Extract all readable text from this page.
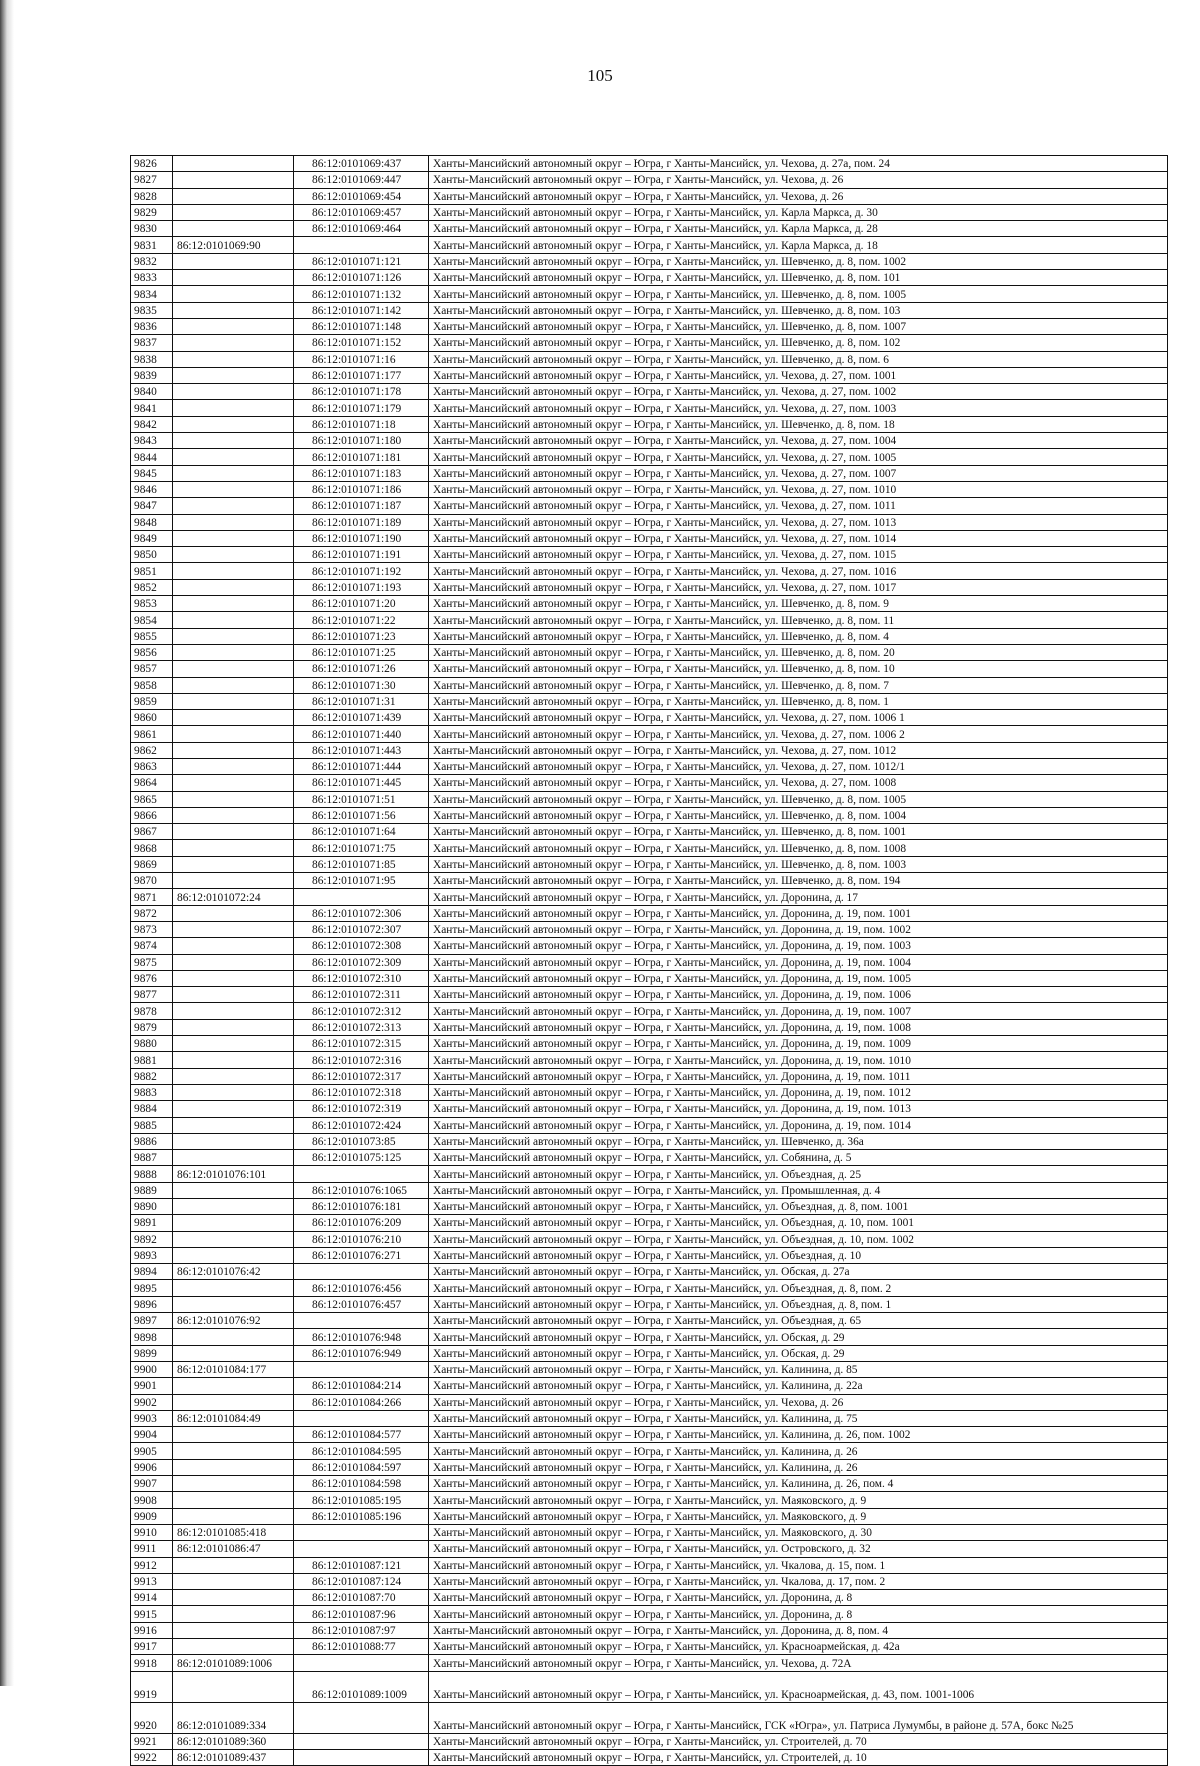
105
9826		86:12:0101069:437	Ханты-Мансийский автономный округ – Югра, г Ханты-Мансийск, ул. Чехова, д. 27а, пом. 24
9827		86:12:0101069:447	Ханты-Мансийский автономный округ – Югра, г Ханты-Мансийск, ул. Чехова, д. 26
9828		86:12:0101069:454	Ханты-Мансийский автономный округ – Югра, г Ханты-Мансийск, ул. Чехова, д. 26
9829		86:12:0101069:457	Ханты-Мансийский автономный округ – Югра, г Ханты-Мансийск, ул. Карла Маркса, д. 30
9830		86:12:0101069:464	Ханты-Мансийский автономный округ – Югра, г Ханты-Мансийск, ул. Карла Маркса, д. 28
9831	86:12:0101069:90		Ханты-Мансийский автономный округ – Югра, г Ханты-Мансийск, ул. Карла Маркса, д. 18
9832		86:12:0101071:121	Ханты-Мансийский автономный округ – Югра, г Ханты-Мансийск, ул. Шевченко, д. 8, пом. 1002
9833		86:12:0101071:126	Ханты-Мансийский автономный округ – Югра, г Ханты-Мансийск, ул. Шевченко, д. 8, пом. 101
9834		86:12:0101071:132	Ханты-Мансийский автономный округ – Югра, г Ханты-Мансийск, ул. Шевченко, д. 8, пом. 1005
9835		86:12:0101071:142	Ханты-Мансийский автономный округ – Югра, г Ханты-Мансийск, ул. Шевченко, д. 8, пом. 103
9836		86:12:0101071:148	Ханты-Мансийский автономный округ – Югра, г Ханты-Мансийск, ул. Шевченко, д. 8, пом. 1007
9837		86:12:0101071:152	Ханты-Мансийский автономный округ – Югра, г Ханты-Мансийск, ул. Шевченко, д. 8, пом. 102
9838		86:12:0101071:16	Ханты-Мансийский автономный округ – Югра, г Ханты-Мансийск, ул. Шевченко, д. 8, пом. 6
9839		86:12:0101071:177	Ханты-Мансийский автономный округ – Югра, г Ханты-Мансийск, ул. Чехова, д. 27, пом. 1001
9840		86:12:0101071:178	Ханты-Мансийский автономный округ – Югра, г Ханты-Мансийск, ул. Чехова, д. 27, пом. 1002
9841		86:12:0101071:179	Ханты-Мансийский автономный округ – Югра, г Ханты-Мансийск, ул. Чехова, д. 27, пом. 1003
9842		86:12:0101071:18	Ханты-Мансийский автономный округ – Югра, г Ханты-Мансийск, ул. Шевченко, д. 8, пом. 18
9843		86:12:0101071:180	Ханты-Мансийский автономный округ – Югра, г Ханты-Мансийск, ул. Чехова, д. 27, пом. 1004
9844		86:12:0101071:181	Ханты-Мансийский автономный округ – Югра, г Ханты-Мансийск, ул. Чехова, д. 27, пом. 1005
9845		86:12:0101071:183	Ханты-Мансийский автономный округ – Югра, г Ханты-Мансийск, ул. Чехова, д. 27, пом. 1007
9846		86:12:0101071:186	Ханты-Мансийский автономный округ – Югра, г Ханты-Мансийск, ул. Чехова, д. 27, пом. 1010
9847		86:12:0101071:187	Ханты-Мансийский автономный округ – Югра, г Ханты-Мансийск, ул. Чехова, д. 27, пом. 1011
9848		86:12:0101071:189	Ханты-Мансийский автономный округ – Югра, г Ханты-Мансийск, ул. Чехова, д. 27, пом. 1013
9849		86:12:0101071:190	Ханты-Мансийский автономный округ – Югра, г Ханты-Мансийск, ул. Чехова, д. 27, пом. 1014
9850		86:12:0101071:191	Ханты-Мансийский автономный округ – Югра, г Ханты-Мансийск, ул. Чехова, д. 27, пом. 1015
9851		86:12:0101071:192	Ханты-Мансийский автономный округ – Югра, г Ханты-Мансийск, ул. Чехова, д. 27, пом. 1016
9852		86:12:0101071:193	Ханты-Мансийский автономный округ – Югра, г Ханты-Мансийск, ул. Чехова, д. 27, пом. 1017
9853		86:12:0101071:20	Ханты-Мансийский автономный округ – Югра, г Ханты-Мансийск, ул. Шевченко, д. 8, пом. 9
9854		86:12:0101071:22	Ханты-Мансийский автономный округ – Югра, г Ханты-Мансийск, ул. Шевченко, д. 8, пом. 11
9855		86:12:0101071:23	Ханты-Мансийский автономный округ – Югра, г Ханты-Мансийск, ул. Шевченко, д. 8, пом. 4
9856		86:12:0101071:25	Ханты-Мансийский автономный округ – Югра, г Ханты-Мансийск, ул. Шевченко, д. 8, пом. 20
9857		86:12:0101071:26	Ханты-Мансийский автономный округ – Югра, г Ханты-Мансийск, ул. Шевченко, д. 8, пом. 10
9858		86:12:0101071:30	Ханты-Мансийский автономный округ – Югра, г Ханты-Мансийск, ул. Шевченко, д. 8, пом. 7
9859		86:12:0101071:31	Ханты-Мансийский автономный округ – Югра, г Ханты-Мансийск, ул. Шевченко, д. 8, пом. 1
9860		86:12:0101071:439	Ханты-Мансийский автономный округ – Югра, г Ханты-Мансийск, ул. Чехова, д. 27, пом. 1006 1
9861		86:12:0101071:440	Ханты-Мансийский автономный округ – Югра, г Ханты-Мансийск, ул. Чехова, д. 27, пом. 1006 2
9862		86:12:0101071:443	Ханты-Мансийский автономный округ – Югра, г Ханты-Мансийск, ул. Чехова, д. 27, пом. 1012
9863		86:12:0101071:444	Ханты-Мансийский автономный округ – Югра, г Ханты-Мансийск, ул. Чехова, д. 27, пом. 1012/1
9864		86:12:0101071:445	Ханты-Мансийский автономный округ – Югра, г Ханты-Мансийск, ул. Чехова, д. 27, пом. 1008
9865		86:12:0101071:51	Ханты-Мансийский автономный округ – Югра, г Ханты-Мансийск, ул. Шевченко, д. 8, пом. 1005
9866		86:12:0101071:56	Ханты-Мансийский автономный округ – Югра, г Ханты-Мансийск, ул. Шевченко, д. 8, пом. 1004
9867		86:12:0101071:64	Ханты-Мансийский автономный округ – Югра, г Ханты-Мансийск, ул. Шевченко, д. 8, пом. 1001
9868		86:12:0101071:75	Ханты-Мансийский автономный округ – Югра, г Ханты-Мансийск, ул. Шевченко, д. 8, пом. 1008
9869		86:12:0101071:85	Ханты-Мансийский автономный округ – Югра, г Ханты-Мансийск, ул. Шевченко, д. 8, пом. 1003
9870		86:12:0101071:95	Ханты-Мансийский автономный округ – Югра, г Ханты-Мансийск, ул. Шевченко, д. 8, пом. 194
9871	86:12:0101072:24		Ханты-Мансийский автономный округ – Югра, г Ханты-Мансийск, ул. Доронина, д. 17
9872		86:12:0101072:306	Ханты-Мансийский автономный округ – Югра, г Ханты-Мансийск, ул. Доронина, д. 19, пом. 1001
9873		86:12:0101072:307	Ханты-Мансийский автономный округ – Югра, г Ханты-Мансийск, ул. Доронина, д. 19, пом. 1002
9874		86:12:0101072:308	Ханты-Мансийский автономный округ – Югра, г Ханты-Мансийск, ул. Доронина, д. 19, пом. 1003
9875		86:12:0101072:309	Ханты-Мансийский автономный округ – Югра, г Ханты-Мансийск, ул. Доронина, д. 19, пом. 1004
9876		86:12:0101072:310	Ханты-Мансийский автономный округ – Югра, г Ханты-Мансийск, ул. Доронина, д. 19, пом. 1005
9877		86:12:0101072:311	Ханты-Мансийский автономный округ – Югра, г Ханты-Мансийск, ул. Доронина, д. 19, пом. 1006
9878		86:12:0101072:312	Ханты-Мансийский автономный округ – Югра, г Ханты-Мансийск, ул. Доронина, д. 19, пом. 1007
9879		86:12:0101072:313	Ханты-Мансийский автономный округ – Югра, г Ханты-Мансийск, ул. Доронина, д. 19, пом. 1008
9880		86:12:0101072:315	Ханты-Мансийский автономный округ – Югра, г Ханты-Мансийск, ул. Доронина, д. 19, пом. 1009
9881		86:12:0101072:316	Ханты-Мансийский автономный округ – Югра, г Ханты-Мансийск, ул. Доронина, д. 19, пом. 1010
9882		86:12:0101072:317	Ханты-Мансийский автономный округ – Югра, г Ханты-Мансийск, ул. Доронина, д. 19, пом. 1011
9883		86:12:0101072:318	Ханты-Мансийский автономный округ – Югра, г Ханты-Мансийск, ул. Доронина, д. 19, пом. 1012
9884		86:12:0101072:319	Ханты-Мансийский автономный округ – Югра, г Ханты-Мансийск, ул. Доронина, д. 19, пом. 1013
9885		86:12:0101072:424	Ханты-Мансийский автономный округ – Югра, г Ханты-Мансийск, ул. Доронина, д. 19, пом. 1014
9886		86:12:0101073:85	Ханты-Мансийский автономный округ – Югра, г Ханты-Мансийск, ул. Шевченко, д. 36а
9887		86:12:0101075:125	Ханты-Мансийский автономный округ – Югра, г Ханты-Мансийск, ул. Собянина, д. 5
9888	86:12:0101076:101		Ханты-Мансийский автономный округ – Югра, г Ханты-Мансийск, ул. Объездная, д. 25
9889		86:12:0101076:1065	Ханты-Мансийский автономный округ – Югра, г Ханты-Мансийск, ул. Промышленная, д. 4
9890		86:12:0101076:181	Ханты-Мансийский автономный округ – Югра, г Ханты-Мансийск, ул. Объездная, д. 8, пом. 1001
9891		86:12:0101076:209	Ханты-Мансийский автономный округ – Югра, г Ханты-Мансийск, ул. Объездная, д. 10, пом. 1001
9892		86:12:0101076:210	Ханты-Мансийский автономный округ – Югра, г Ханты-Мансийск, ул. Объездная, д. 10, пом. 1002
9893		86:12:0101076:271	Ханты-Мансийский автономный округ – Югра, г Ханты-Мансийск, ул. Объездная, д. 10
9894	86:12:0101076:42		Ханты-Мансийский автономный округ – Югра, г Ханты-Мансийск, ул. Обская, д. 27а
9895		86:12:0101076:456	Ханты-Мансийский автономный округ – Югра, г Ханты-Мансийск, ул. Объездная, д. 8, пом. 2
9896		86:12:0101076:457	Ханты-Мансийский автономный округ – Югра, г Ханты-Мансийск, ул. Объездная, д. 8, пом. 1
9897	86:12:0101076:92		Ханты-Мансийский автономный округ – Югра, г Ханты-Мансийск, ул. Объездная, д. 65
9898		86:12:0101076:948	Ханты-Мансийский автономный округ – Югра, г Ханты-Мансийск, ул. Обская, д. 29
9899		86:12:0101076:949	Ханты-Мансийский автономный округ – Югра, г Ханты-Мансийск, ул. Обская, д. 29
9900	86:12:0101084:177		Ханты-Мансийский автономный округ – Югра, г Ханты-Мансийск, ул. Калинина, д. 85
9901		86:12:0101084:214	Ханты-Мансийский автономный округ – Югра, г Ханты-Мансийск, ул. Калинина, д. 22а
9902		86:12:0101084:266	Ханты-Мансийский автономный округ – Югра, г Ханты-Мансийск, ул. Чехова, д. 26
9903	86:12:0101084:49		Ханты-Мансийский автономный округ – Югра, г Ханты-Мансийск, ул. Калинина, д. 75
9904		86:12:0101084:577	Ханты-Мансийский автономный округ – Югра, г Ханты-Мансийск, ул. Калинина, д. 26, пом. 1002
9905		86:12:0101084:595	Ханты-Мансийский автономный округ – Югра, г Ханты-Мансийск, ул. Калинина, д. 26
9906		86:12:0101084:597	Ханты-Мансийский автономный округ – Югра, г Ханты-Мансийск, ул. Калинина, д. 26
9907		86:12:0101084:598	Ханты-Мансийский автономный округ – Югра, г Ханты-Мансийск, ул. Калинина, д. 26, пом. 4
9908		86:12:0101085:195	Ханты-Мансийский автономный округ – Югра, г Ханты-Мансийск, ул. Маяковского, д. 9
9909		86:12:0101085:196	Ханты-Мансийский автономный округ – Югра, г Ханты-Мансийск, ул. Маяковского, д. 9
9910	86:12:0101085:418		Ханты-Мансийский автономный округ – Югра, г Ханты-Мансийск, ул. Маяковского, д. 30
9911	86:12:0101086:47		Ханты-Мансийский автономный округ – Югра, г Ханты-Мансийск, ул. Островского, д. 32
9912		86:12:0101087:121	Ханты-Мансийский автономный округ – Югра, г Ханты-Мансийск, ул. Чкалова, д. 15, пом. 1
9913		86:12:0101087:124	Ханты-Мансийский автономный округ – Югра, г Ханты-Мансийск, ул. Чкалова, д. 17, пом. 2
9914		86:12:0101087:70	Ханты-Мансийский автономный округ – Югра, г Ханты-Мансийск, ул. Доронина, д. 8
9915		86:12:0101087:96	Ханты-Мансийский автономный округ – Югра, г Ханты-Мансийск, ул. Доронина, д. 8
9916		86:12:0101087:97	Ханты-Мансийский автономный округ – Югра, г Ханты-Мансийск, ул. Доронина, д. 8, пом. 4
9917		86:12:0101088:77	Ханты-Мансийский автономный округ – Югра, г Ханты-Мансийск, ул. Красноармейская, д. 42а
9918	86:12:0101089:1006		Ханты-Мансийский автономный округ – Югра, г Ханты-Мансийск, ул. Чехова, д. 72А
9919		86:12:0101089:1009	Ханты-Мансийский автономный округ – Югра, г Ханты-Мансийск, ул. Красноармейская, д. 43, пом. 1001-1006
9920	86:12:0101089:334		Ханты-Мансийский автономный округ – Югра, г Ханты-Мансийск, ГСК «Югра», ул. Патриса Лумумбы, в районе д. 57А, бокс №25
9921	86:12:0101089:360		Ханты-Мансийский автономный округ – Югра, г Ханты-Мансийск, ул. Строителей, д. 70
9922	86:12:0101089:437		Ханты-Мансийский автономный округ – Югра, г Ханты-Мансийск, ул. Строителей, д. 10
